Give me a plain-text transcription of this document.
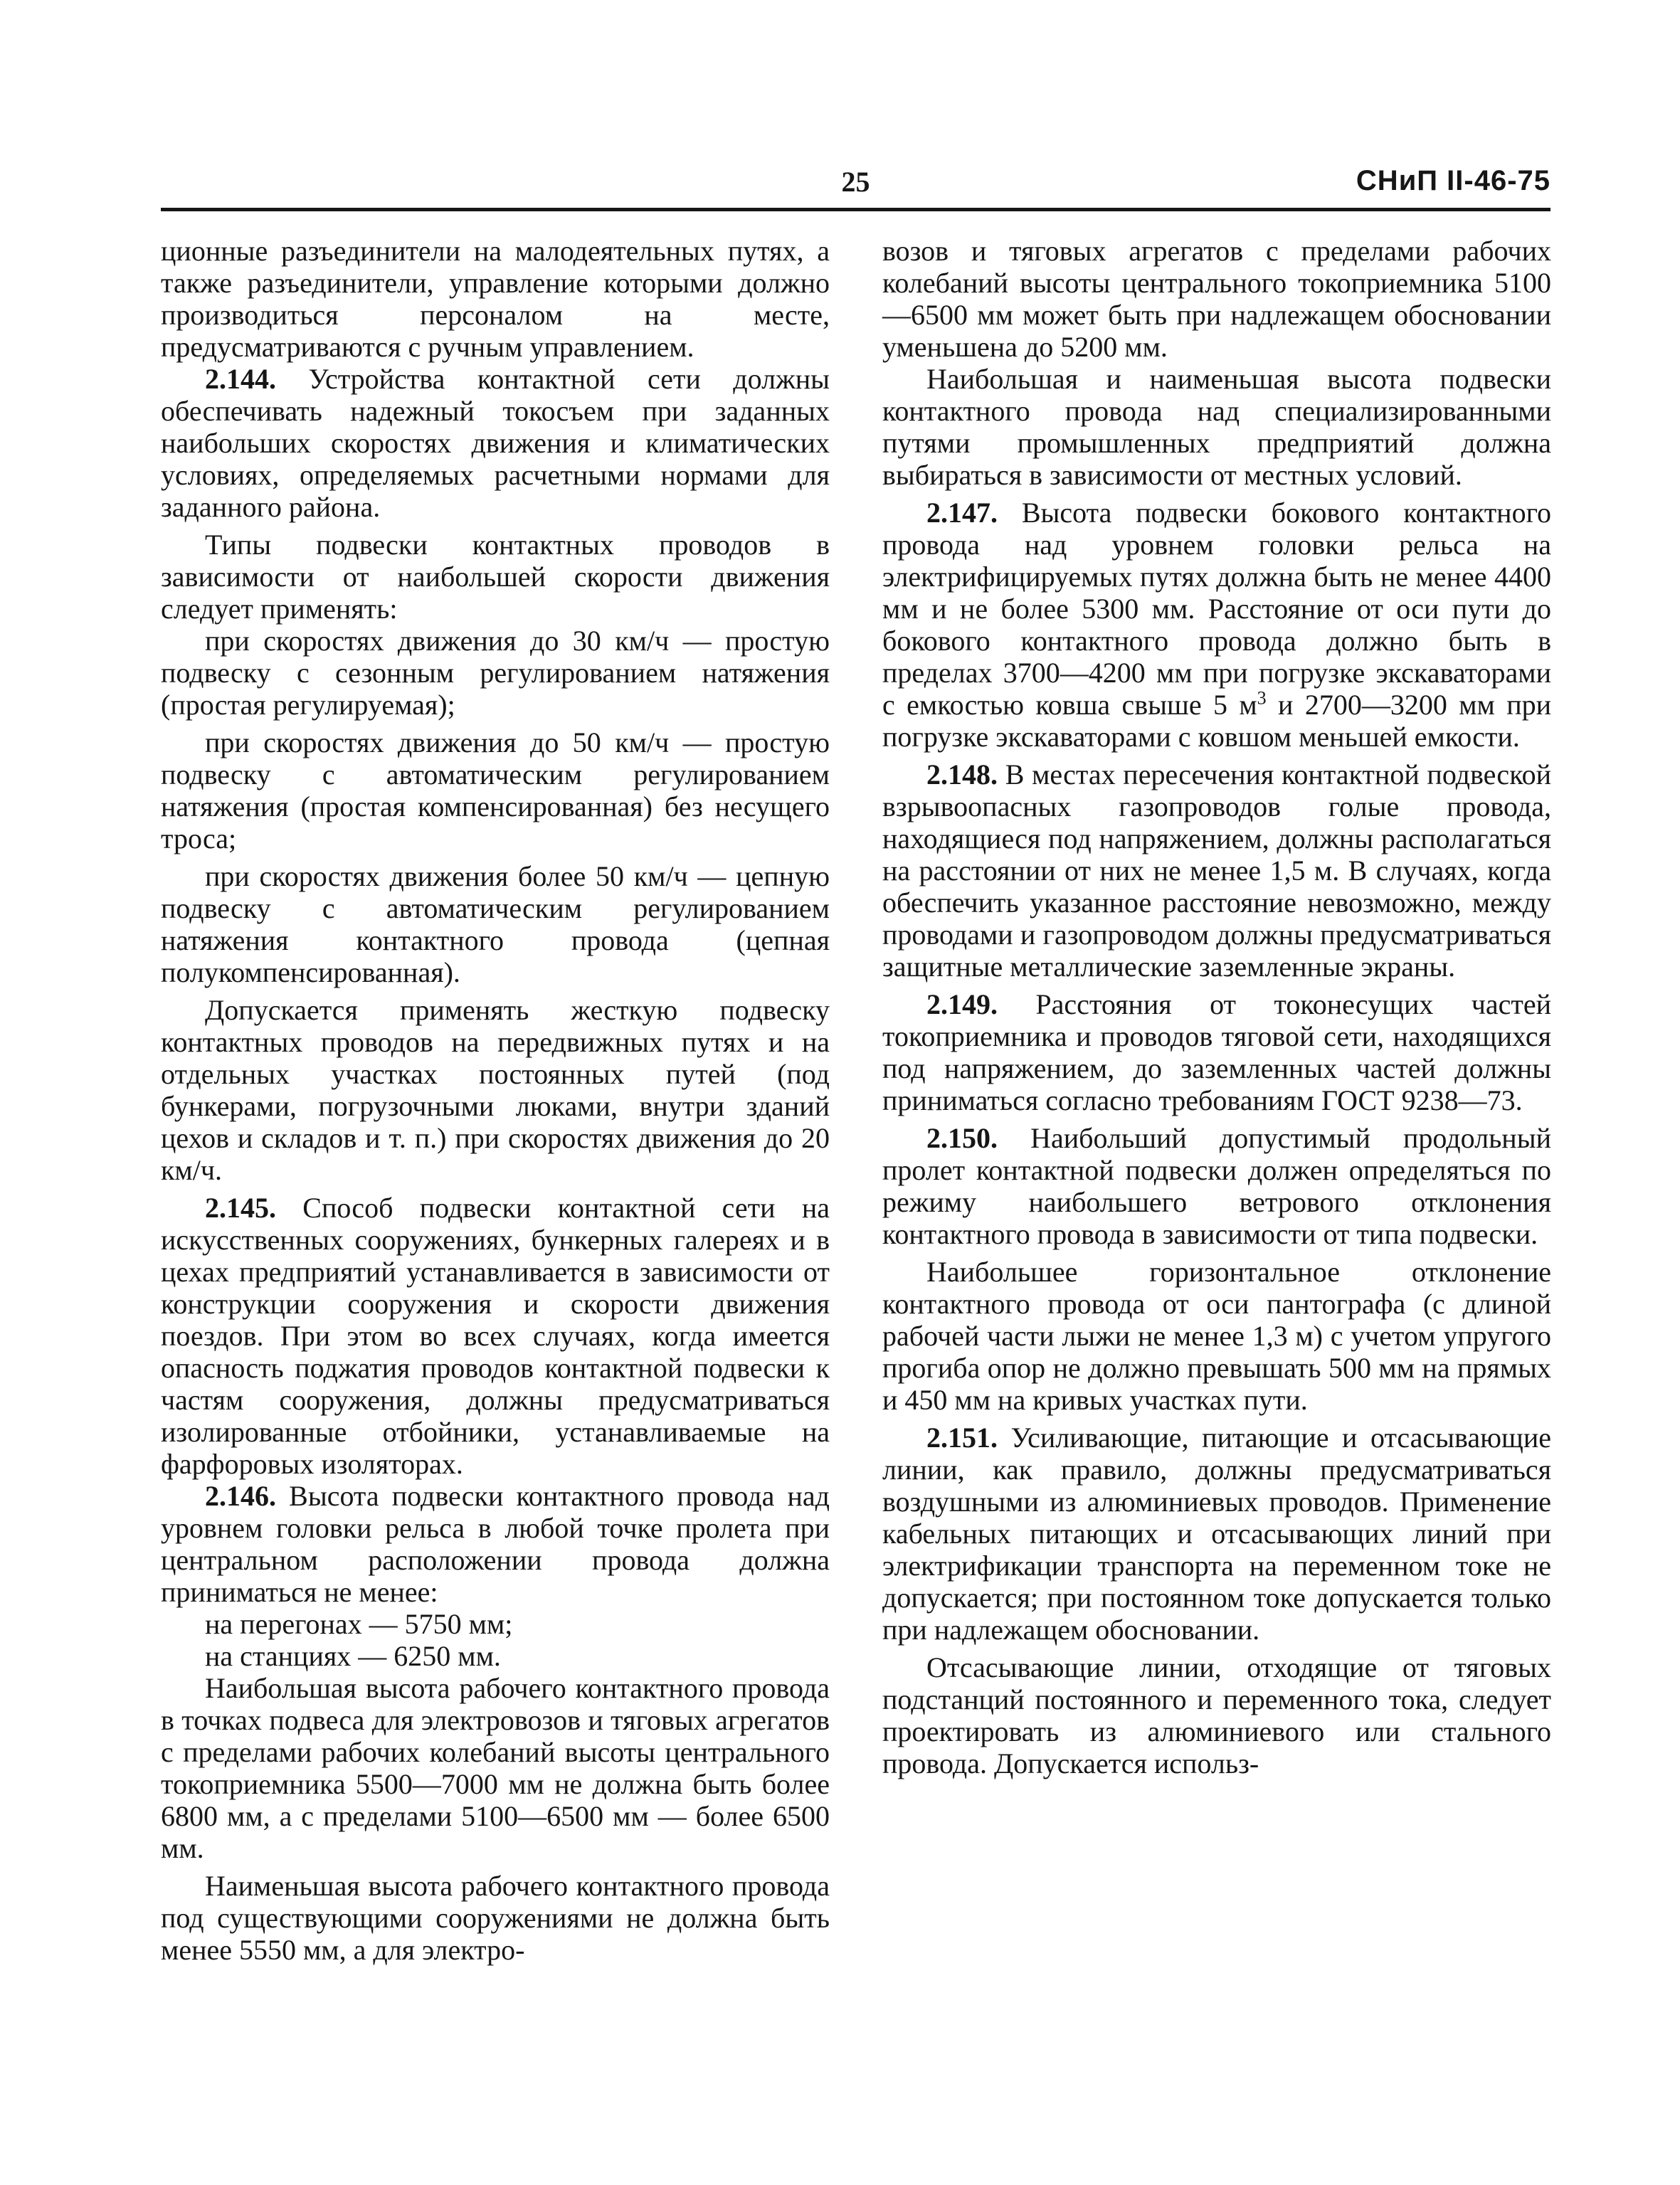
25	СНиП II-46-75

ционные разъединители на малодеятельных путях, а также разъединители, управление которыми должно производиться персоналом на месте, предусматриваются с ручным управлением.

2.144. Устройства контактной сети должны обеспечивать надежный токосъем при заданных наибольших скоростях движения и климатических условиях, определяемых расчетными нормами для заданного района.

Типы подвески контактных проводов в зависимости от наибольшей скорости движения следует применять:

при скоростях движения до 30 км/ч — простую подвеску с сезонным регулированием натяжения (простая регулируемая);

при скоростях движения до 50 км/ч — простую подвеску с автоматическим регулированием натяжения (простая компенсированная) без несущего троса;

при скоростях движения более 50 км/ч — цепную подвеску с автоматическим регулированием натяжения контактного провода (цепная полукомпенсированная).

Допускается применять жесткую подвеску контактных проводов на передвижных путях и на отдельных участках постоянных путей (под бункерами, погрузочными люками, внутри зданий цехов и складов и т. п.) при скоростях движения до 20 км/ч.

2.145. Способ подвески контактной сети на искусственных сооружениях, бункерных галереях и в цехах предприятий устанавливается в зависимости от конструкции сооружения и скорости движения поездов. При этом во всех случаях, когда имеется опасность поджатия проводов контактной подвески к частям сооружения, должны предусматриваться изолированные отбойники, устанавливаемые на фарфоровых изоляторах.

2.146. Высота подвески контактного провода над уровнем головки рельса в любой точке пролета при центральном расположении провода должна приниматься не менее:

на перегонах — 5750 мм;

на станциях — 6250 мм.

Наибольшая высота рабочего контактного провода в точках подвеса для электровозов и тяговых агрегатов с пределами рабочих колебаний высоты центрального токоприемника 5500—7000 мм не должна быть более 6800 мм, а с пределами 5100—6500 мм — более 6500 мм.

Наименьшая высота рабочего контактного провода под существующими сооружениями не должна быть менее 5550 мм, а для электро-

возов и тяговых агрегатов с пределами рабочих колебаний высоты центрального токоприемника 5100—6500 мм может быть при надлежащем обосновании уменьшена до 5200 мм.

Наибольшая и наименьшая высота подвески контактного провода над специализированными путями промышленных предприятий должна выбираться в зависимости от местных условий.

2.147. Высота подвески бокового контактного провода над уровнем головки рельса на электрифицируемых путях должна быть не менее 4400 мм и не более 5300 мм. Расстояние от оси пути до бокового контактного провода должно быть в пределах 3700—4200 мм при погрузке экскаваторами с емкостью ковша свыше 5 $м^3$ и 2700—3200 мм при погрузке экскаваторами с ковшом меньшей емкости.

2.148. В местах пересечения контактной подвеской взрывоопасных газопроводов голые провода, находящиеся под напряжением, должны располагаться на расстоянии от них не менее 1,5 м. В случаях, когда обеспечить указанное расстояние невозможно, между проводами и газопроводом должны предусматриваться защитные металлические заземленные экраны.

2.149. Расстояния от токонесущих частей токоприемника и проводов тяговой сети, находящихся под напряжением, до заземленных частей должны приниматься согласно требованиям ГОСТ 9238—73.

2.150. Наибольший допустимый продольный пролет контактной подвески должен определяться по режиму наибольшего ветрового отклонения контактного провода в зависимости от типа подвески.

Наибольшее горизонтальное отклонение контактного провода от оси пантографа (с длиной рабочей части лыжи не менее 1,3 м) с учетом упругого прогиба опор не должно превышать 500 мм на прямых и 450 мм на кривых участках пути.

2.151. Усиливающие, питающие и отсасывающие линии, как правило, должны предусматриваться воздушными из алюминиевых проводов. Применение кабельных питающих и отсасывающих линий при электрификации транспорта на переменном токе не допускается; при постоянном токе допускается только при надлежащем обосновании.

Отсасывающие линии, отходящие от тяговых подстанций постоянного и переменного тока, следует проектировать из алюминиевого или стального провода. Допускается использ-
